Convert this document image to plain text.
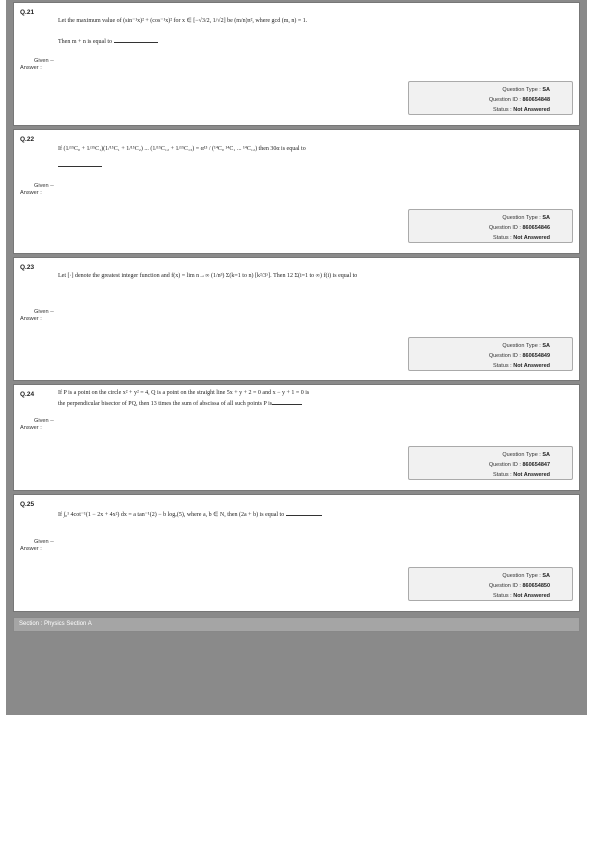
Q.21
Let the maximum value of (sin⁻¹x)² + (cos⁻¹x)² for x ∈ [−√3/2, 1/√2] be (m/n)π², where gcd (m, n) = 1.
Then m + n is equal to
Given --
Answer :
Question Type : SA
Question ID : 860654848
Status : Not Answered
Q.22
If (1/¹⁵C₀ + 1/¹⁵C₁)(1/¹⁵C₁ + 1/¹⁵C₂) ... (1/¹⁵C₁₂ + 1/¹⁵C₁₃) = α¹³ / (¹⁴C₀ ¹⁴C₁ ... ¹⁴C₁₂) then 30α is equal to
Given --
Answer :
Question Type : SA
Question ID : 860654846
Status : Not Answered
Q.23
Let [·] denote the greatest integer function and f(x) = lim n→∞ (1/n³) Σ(k=1 to n) [k²/3ˣ]. Then 12 Σ(i=1 to ∞) f(i) is equal to
Given --
Answer :
Question Type : SA
Question ID : 860654849
Status : Not Answered
Q.24	If P is a point on the circle x² + y² = 4, Q is a point on the straight line 5x + y + 2 = 0 and x − y + 1 = 0 is
the perpendicular bisector of PQ, then 13 times the sum of abscissa of all such points P is
Given --
Answer :
Question Type : SA
Question ID : 860654847
Status : Not Answered
Q.25
If ∫₀¹ 4cot⁻¹(1 − 2x + 4x²) dx = a tan⁻¹(2) − b logₑ(5), where a, b ∈ N, then (2a + b) is equal to
Given --
Answer :
Question Type : SA
Question ID : 860654850
Status : Not Answered
Section : Physics Section A
